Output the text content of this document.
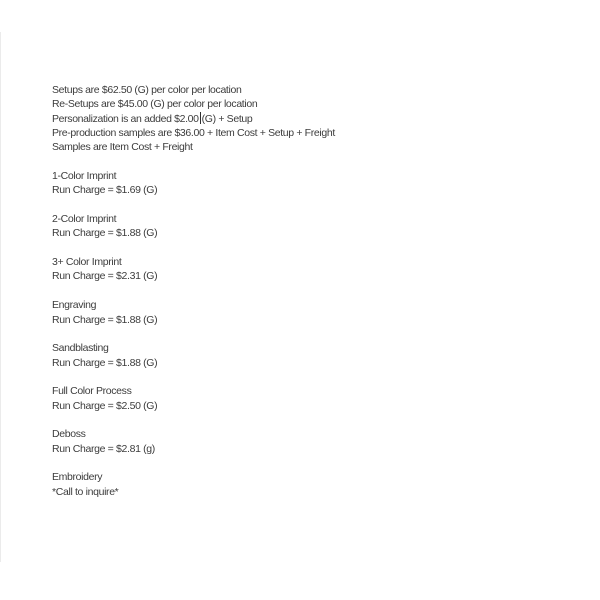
Setups are $62.50 (G) per color per location
Re-Setups are $45.00 (G) per color per location
Personalization is an added $2.00 (G) + Setup
Pre-production samples are $36.00 + Item Cost + Setup + Freight
Samples are Item Cost + Freight
1-Color Imprint
Run Charge = $1.69 (G)
2-Color Imprint
Run Charge = $1.88 (G)
3+ Color Imprint
Run Charge = $2.31 (G)
Engraving
Run Charge = $1.88 (G)
Sandblasting
Run Charge = $1.88 (G)
Full Color Process
Run Charge = $2.50 (G)
Deboss
Run Charge = $2.81 (g)
Embroidery
*Call to inquire*
